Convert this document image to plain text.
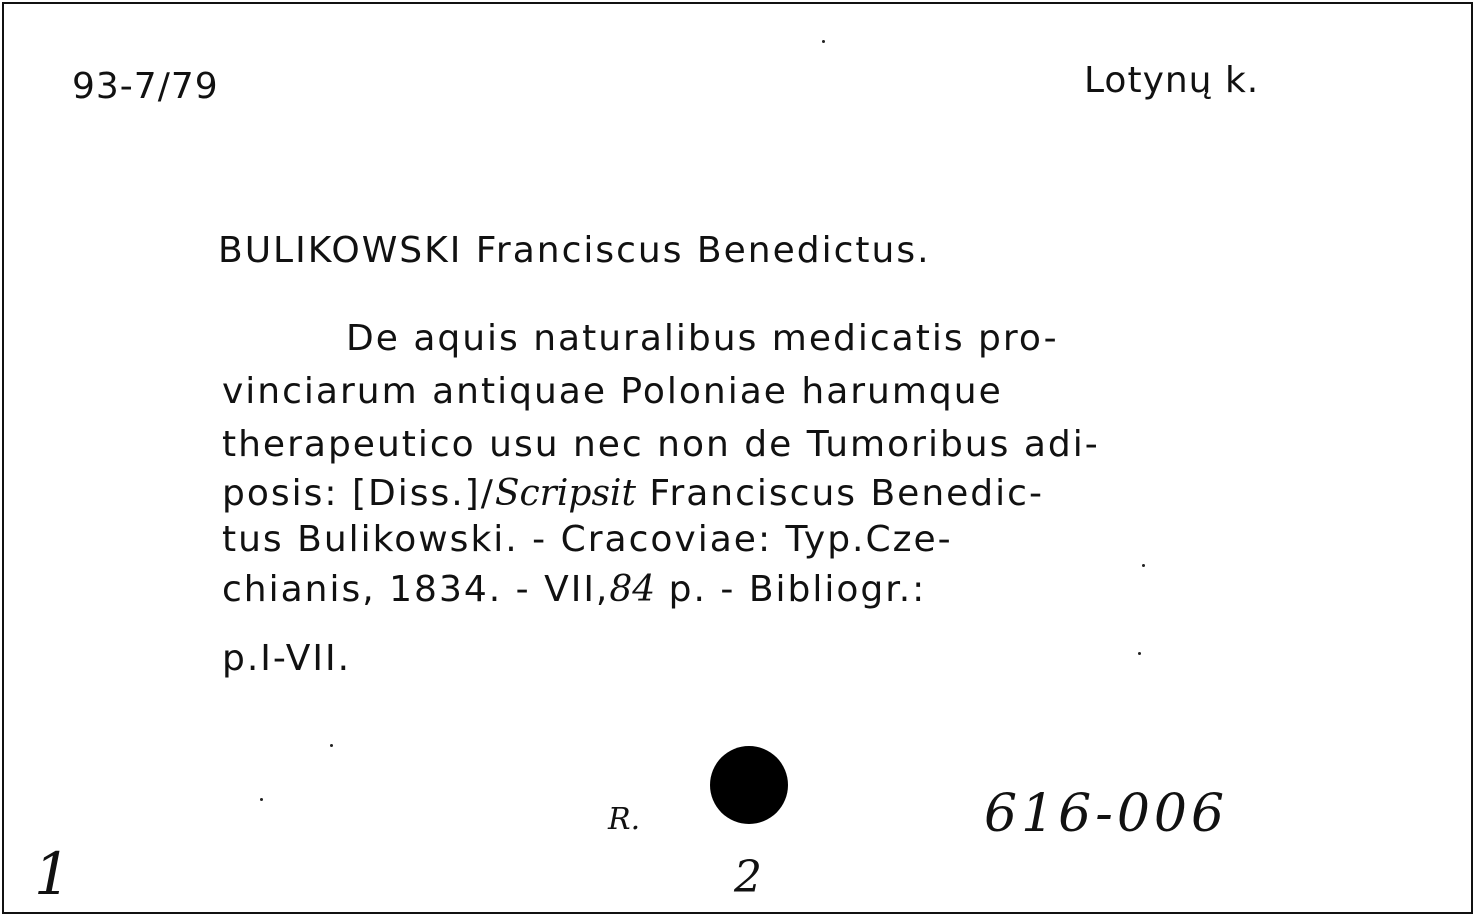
93-7/79	Lotynų k.
BULIKOWSKI Franciscus Benedictus.
De aquis naturalibus medicatis pro-
vinciarum antiquae Poloniae harumque
therapeutico usu nec non de Tumoribus adi-
posis: [Diss.]/Scripsit Franciscus Benedic-
tus Bulikowski. - Cracoviae: Typ.Cze-
chianis, 1834. - VII,84 p. - Bibliogr.:
p.I-VII.
R.	616-006
2
1
